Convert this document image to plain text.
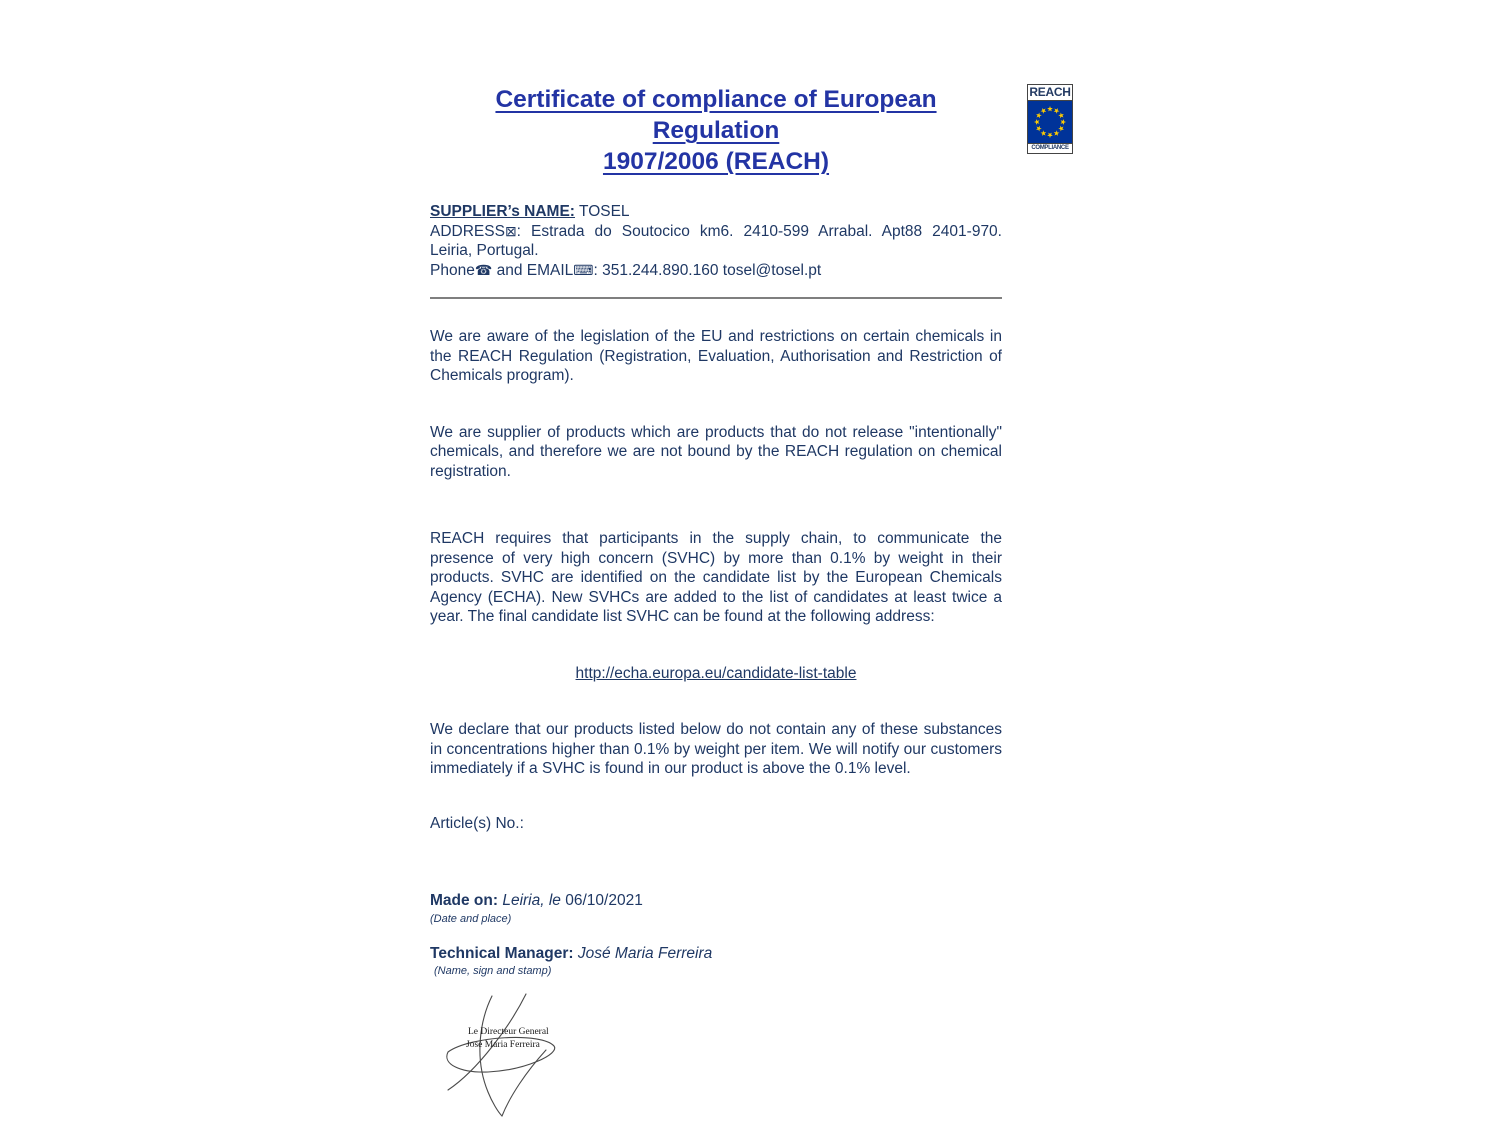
REACH
COMPLIANCE
Certificate of compliance of European Regulation
1907/2006 (REACH)
SUPPLIER’s NAME: TOSEL
ADDRESS⊠: Estrada do Soutocico km6. 2410-599 Arrabal. Apt88 2401-970. Leiria, Portugal.
Phone☎ and EMAIL⌨: 351.244.890.160 tosel@tosel.pt

We are aware of the legislation of the EU and restrictions on certain chemicals in the REACH Regulation (Registration, Evaluation, Authorisation and Restriction of Chemicals program).

We are supplier of products which are products that do not release "intentionally" chemicals, and therefore we are not bound by the REACH regulation on chemical registration.

REACH requires that participants in the supply chain, to communicate the presence of very high concern (SVHC) by more than 0.1% by weight in their products. SVHC are identified on the candidate list by the European Chemicals Agency (ECHA). New SVHCs are added to the list of candidates at least twice a year. The final candidate list SVHC can be found at the following address:

http://echa.europa.eu/candidate-list-table

We declare that our products listed below do not contain any of these substances in concentrations higher than 0.1% by weight per item. We will notify our customers immediately if a SVHC is found in our product is above the 0.1% level.

Article(s) No.:
Made on: Leiria, le 06/10/2021
(Date and place)
Technical Manager: José Maria Ferreira
(Name, sign and stamp)
Le Directeur General
José Maria Ferreira
